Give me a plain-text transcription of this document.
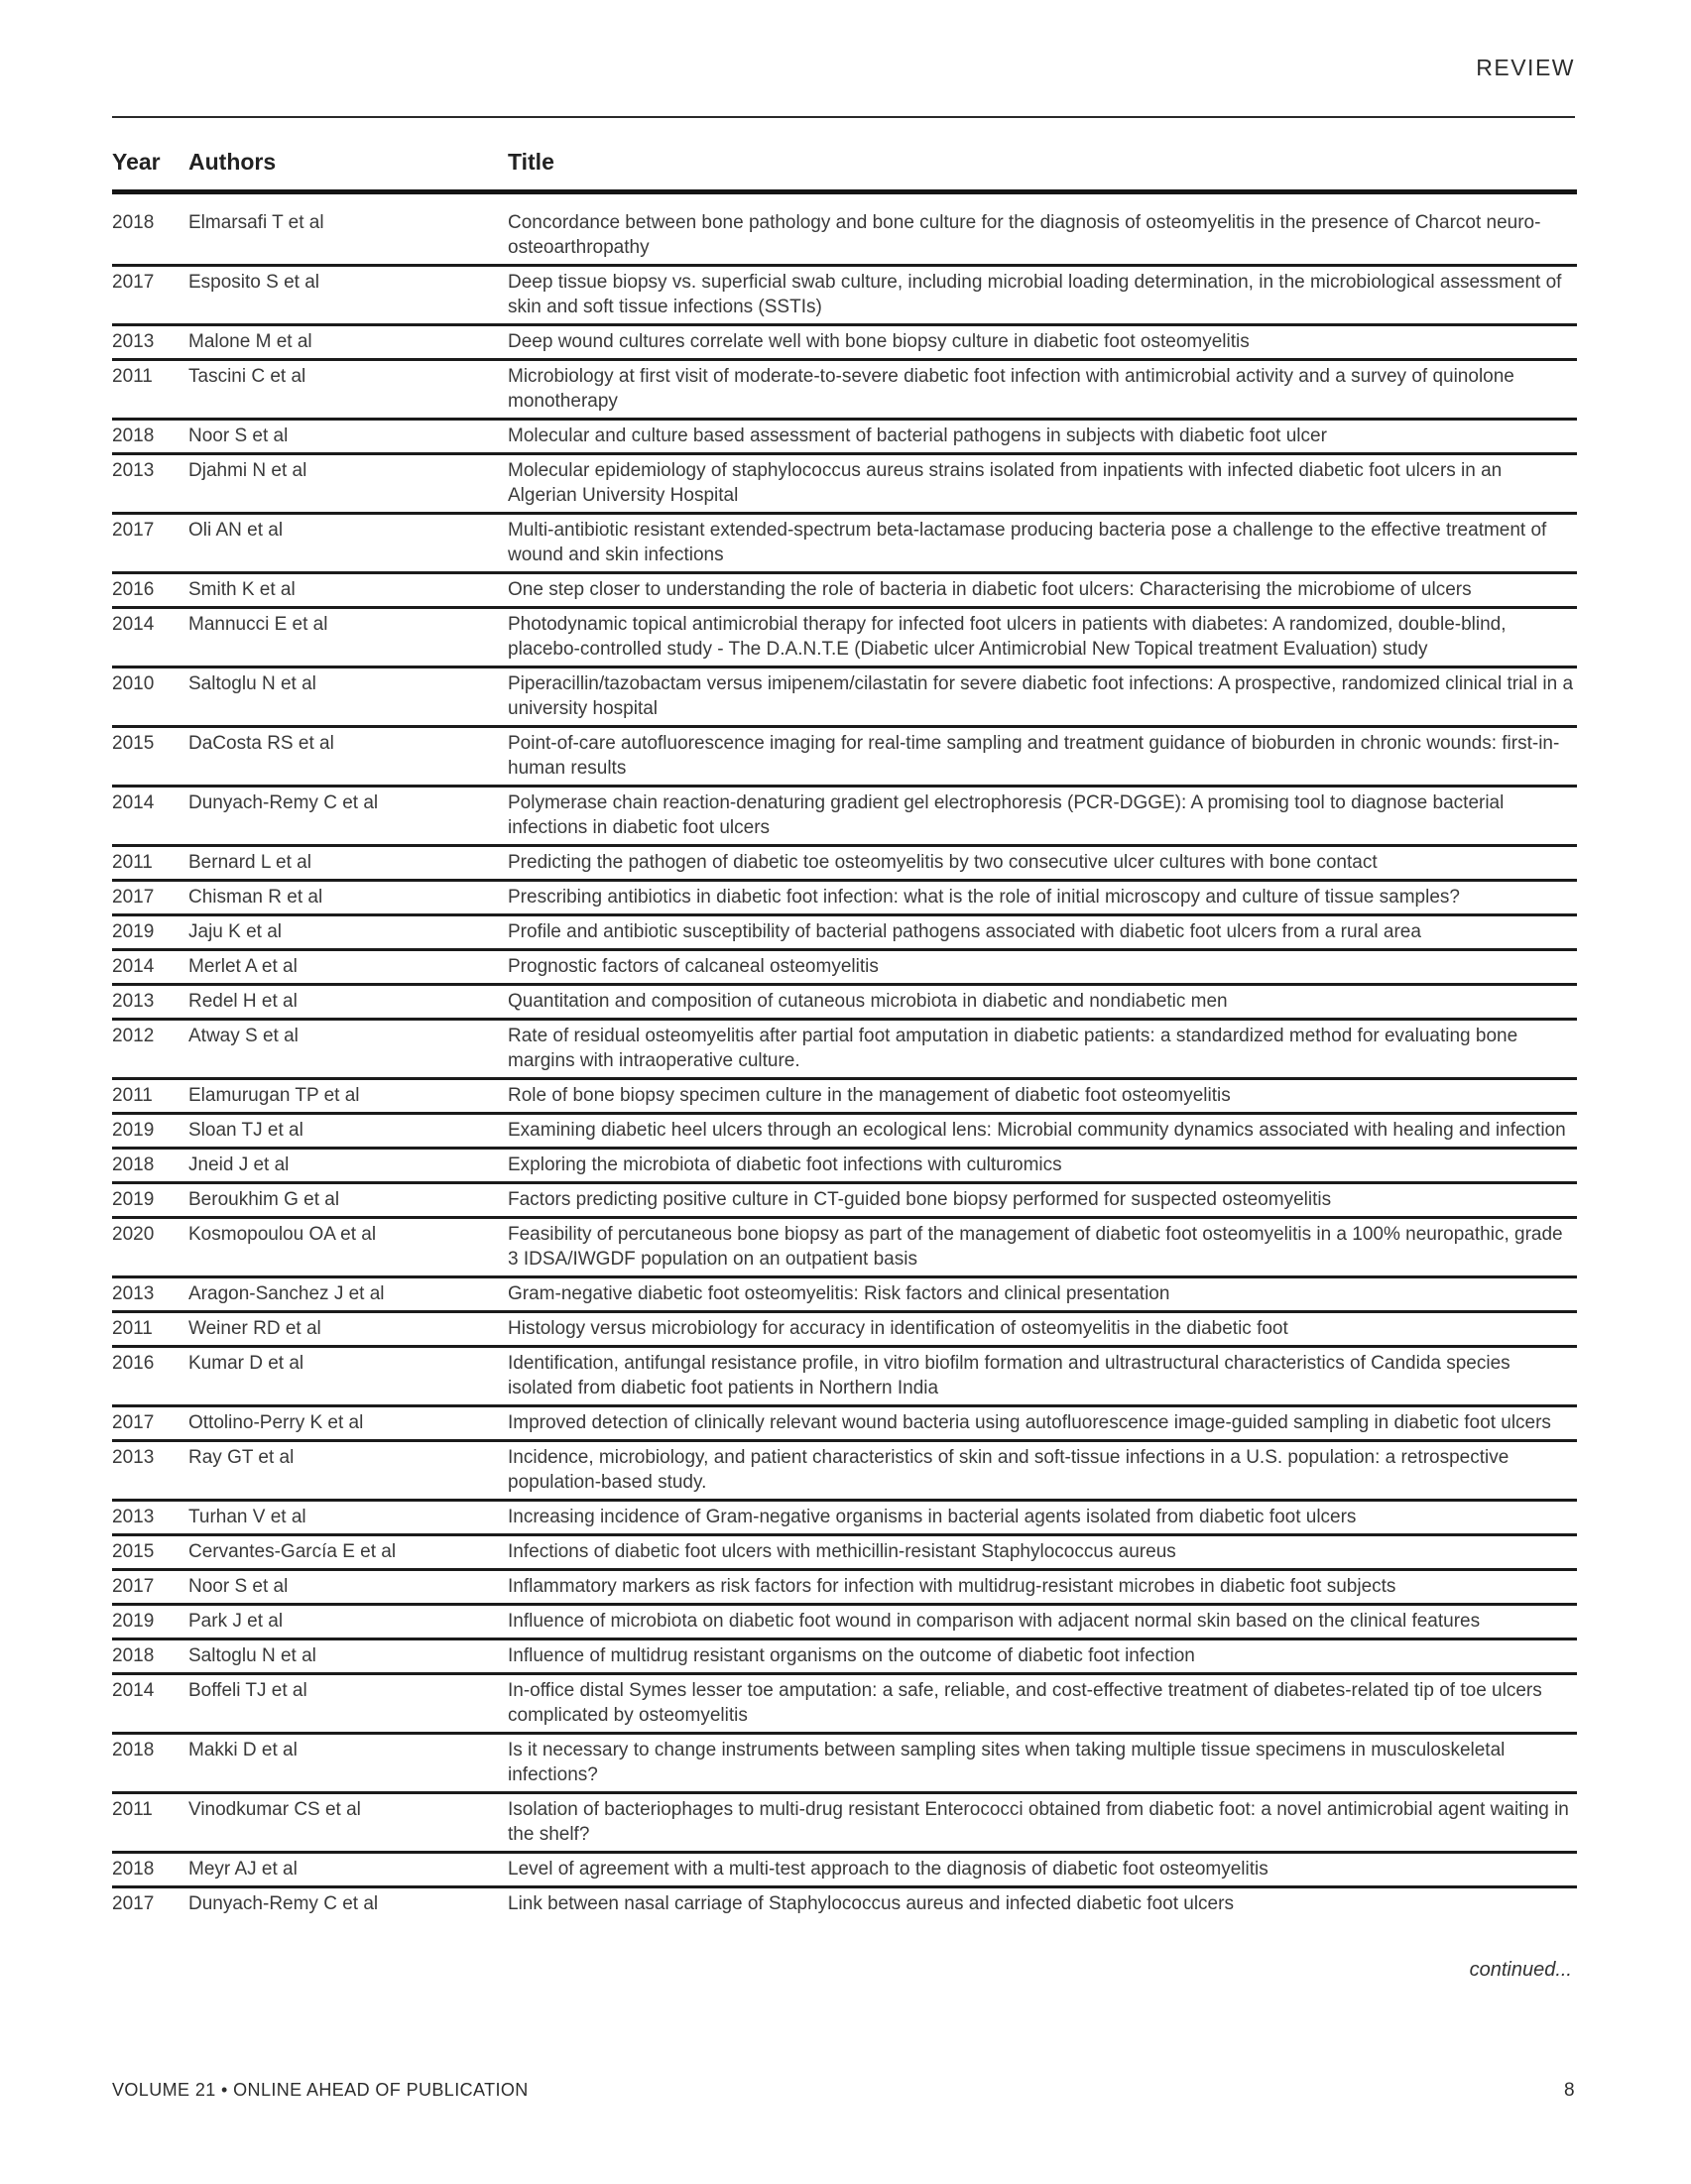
REVIEW
Year	Authors	Title
2018	Elmarsafi T et al	Concordance between bone pathology and bone culture for the diagnosis of osteomyelitis in the presence of Charcot neuro-osteoarthropathy
2017	Esposito S et al	Deep tissue biopsy vs. superficial swab culture, including microbial loading determination, in the microbiological assessment of skin and soft tissue infections (SSTIs)
2013	Malone M et al	Deep wound cultures correlate well with bone biopsy culture in diabetic foot osteomyelitis
2011	Tascini C et al	Microbiology at first visit of moderate-to-severe diabetic foot infection with antimicrobial activity and a survey of quinolone monotherapy
2018	Noor S et al	Molecular and culture based assessment of bacterial pathogens in subjects with diabetic foot ulcer
2013	Djahmi N et al	Molecular epidemiology of staphylococcus aureus strains isolated from inpatients with infected diabetic foot ulcers in an Algerian University Hospital
2017	Oli AN et al	Multi-antibiotic resistant extended-spectrum beta-lactamase producing bacteria pose a challenge to the effective treatment of wound and skin infections
2016	Smith K et al	One step closer to understanding the role of bacteria in diabetic foot ulcers: Characterising the microbiome of ulcers
2014	Mannucci E et al	Photodynamic topical antimicrobial therapy for infected foot ulcers in patients with diabetes: A randomized, double-blind, placebo-controlled study - The D.A.N.T.E (Diabetic ulcer Antimicrobial New Topical treatment Evaluation) study
2010	Saltoglu N et al	Piperacillin/tazobactam versus imipenem/cilastatin for severe diabetic foot infections: A prospective, randomized clinical trial in a university hospital
2015	DaCosta RS et al	Point-of-care autofluorescence imaging for real-time sampling and treatment guidance of bioburden in chronic wounds: first-in-human results
2014	Dunyach-Remy C et al	Polymerase chain reaction-denaturing gradient gel electrophoresis (PCR-DGGE): A promising tool to diagnose bacterial infections in diabetic foot ulcers
2011	Bernard L et al	Predicting the pathogen of diabetic toe osteomyelitis by two consecutive ulcer cultures with bone contact
2017	Chisman R et al	Prescribing antibiotics in diabetic foot infection: what is the role of initial microscopy and culture of tissue samples?
2019	Jaju K et al	Profile and antibiotic susceptibility of bacterial pathogens associated with diabetic foot ulcers from a rural area
2014	Merlet A et al	Prognostic factors of calcaneal osteomyelitis
2013	Redel H et al	Quantitation and composition of cutaneous microbiota in diabetic and nondiabetic men
2012	Atway S et al	Rate of residual osteomyelitis after partial foot amputation in diabetic patients: a standardized method for evaluating bone margins with intraoperative culture.
2011	Elamurugan TP et al	Role of bone biopsy specimen culture in the management of diabetic foot osteomyelitis
2019	Sloan TJ et al	Examining diabetic heel ulcers through an ecological lens: Microbial community dynamics associated with healing and infection
2018	Jneid J et al	Exploring the microbiota of diabetic foot infections with culturomics
2019	Beroukhim G et al	Factors predicting positive culture in CT-guided bone biopsy performed for suspected osteomyelitis
2020	Kosmopoulou OA et al	Feasibility of percutaneous bone biopsy as part of the management of diabetic foot osteomyelitis in a 100% neuropathic, grade 3 IDSA/IWGDF population on an outpatient basis
2013	Aragon-Sanchez J et al	Gram-negative diabetic foot osteomyelitis: Risk factors and clinical presentation
2011	Weiner RD et al	Histology versus microbiology for accuracy in identification of osteomyelitis in the diabetic foot
2016	Kumar D et al	Identification, antifungal resistance profile, in vitro biofilm formation and ultrastructural characteristics of Candida species isolated from diabetic foot patients in Northern India
2017	Ottolino-Perry K et al	Improved detection of clinically relevant wound bacteria using autofluorescence image-guided sampling in diabetic foot ulcers
2013	Ray GT et al	Incidence, microbiology, and patient characteristics of skin and soft-tissue infections in a U.S. population: a retrospective population-based study.
2013	Turhan V et al	Increasing incidence of Gram-negative organisms in bacterial agents isolated from diabetic foot ulcers
2015	Cervantes-García E et al	Infections of diabetic foot ulcers with methicillin-resistant Staphylococcus aureus
2017	Noor S et al	Inflammatory markers as risk factors for infection with multidrug-resistant microbes in diabetic foot subjects
2019	Park J et al	Influence of microbiota on diabetic foot wound in comparison with adjacent normal skin based on the clinical features
2018	Saltoglu N et al	Influence of multidrug resistant organisms on the outcome of diabetic foot infection
2014	Boffeli TJ et al	In-office distal Symes lesser toe amputation: a safe, reliable, and cost-effective treatment of diabetes-related tip of toe ulcers complicated by osteomyelitis
2018	Makki D et al	Is it necessary to change instruments between sampling sites when taking multiple tissue specimens in musculoskeletal infections?
2011	Vinodkumar CS et al	Isolation of bacteriophages to multi-drug resistant Enterococci obtained from diabetic foot: a novel antimicrobial agent waiting in the shelf?
2018	Meyr AJ et al	Level of agreement with a multi-test approach to the diagnosis of diabetic foot osteomyelitis
2017	Dunyach-Remy C et al	Link between nasal carriage of Staphylococcus aureus and infected diabetic foot ulcers
continued...
VOLUME 21 • ONLINE AHEAD OF PUBLICATION	8
